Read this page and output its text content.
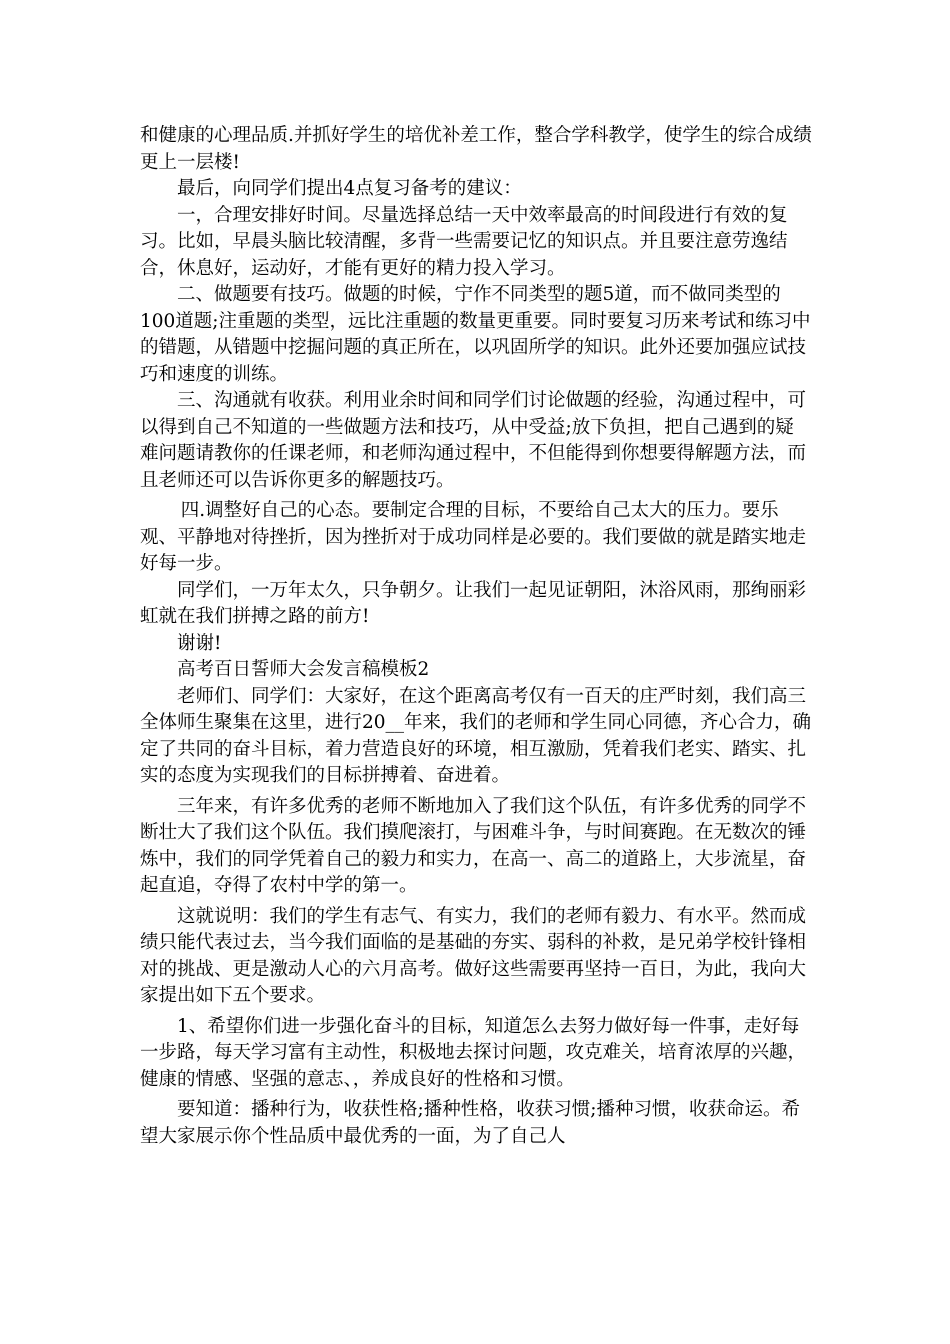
和健康的心理品质.并抓好学生的培优补差工作，整合学科教学，使学生的综合成绩更上一层楼!

最后，向同学们提出4点复习备考的建议：

一，合理安排好时间。尽量选择总结一天中效率最高的时间段进行有效的复习。比如，早晨头脑比较清醒，多背一些需要记忆的知识点。并且要注意劳逸结合，休息好，运动好，才能有更好的精力投入学习。

二、做题要有技巧。做题的时候，宁作不同类型的题5道，而不做同类型的100道题;注重题的类型，远比注重题的数量更重要。同时要复习历来考试和练习中的错题，从错题中挖掘问题的真正所在，以巩固所学的知识。此外还要加强应试技巧和速度的训练。

三、沟通就有收获。利用业余时间和同学们讨论做题的经验，沟通过程中，可以得到自己不知道的一些做题方法和技巧，从中受益;放下负担，把自己遇到的疑难问题请教你的任课老师，和老师沟通过程中，不但能得到你想要得解题方法，而且老师还可以告诉你更多的解题技巧。

四.调整好自己的心态。要制定合理的目标，不要给自己太大的压力。要乐观、平静地对待挫折，因为挫折对于成功同样是必要的。我们要做的就是踏实地走好每一步。

同学们，一万年太久，只争朝夕。让我们一起见证朝阳，沐浴风雨，那绚丽彩虹就在我们拼搏之路的前方!

谢谢!

高考百日誓师大会发言稿模板2

老师们、同学们：大家好，在这个距离高考仅有一百天的庄严时刻，我们高三全体师生聚集在这里，进行20__年来，我们的老师和学生同心同德，齐心合力，确定了共同的奋斗目标，着力营造良好的环境，相互激励，凭着我们老实、踏实、扎实的态度为实现我们的目标拼搏着、奋进着。

三年来，有许多优秀的老师不断地加入了我们这个队伍，有许多优秀的同学不断壮大了我们这个队伍。我们摸爬滚打，与困难斗争，与时间赛跑。在无数次的锤炼中，我们的同学凭着自己的毅力和实力，在高一、高二的道路上，大步流星，奋起直追，夺得了农村中学的第一。

这就说明：我们的学生有志气、有实力，我们的老师有毅力、有水平。然而成绩只能代表过去，当今我们面临的是基础的夯实、弱科的补救，是兄弟学校针锋相对的挑战、更是激动人心的六月高考。做好这些需要再坚持一百日，为此，我向大家提出如下五个要求。

1、希望你们进一步强化奋斗的目标，知道怎么去努力做好每一件事，走好每一步路，每天学习富有主动性，积极地去探讨问题，攻克难关，培育浓厚的兴趣，健康的情感、坚强的意志、，养成良好的性格和习惯。

要知道：播种行为，收获性格;播种性格，收获习惯;播种习惯，收获命运。希望大家展示你个性品质中最优秀的一面，为了自己人
